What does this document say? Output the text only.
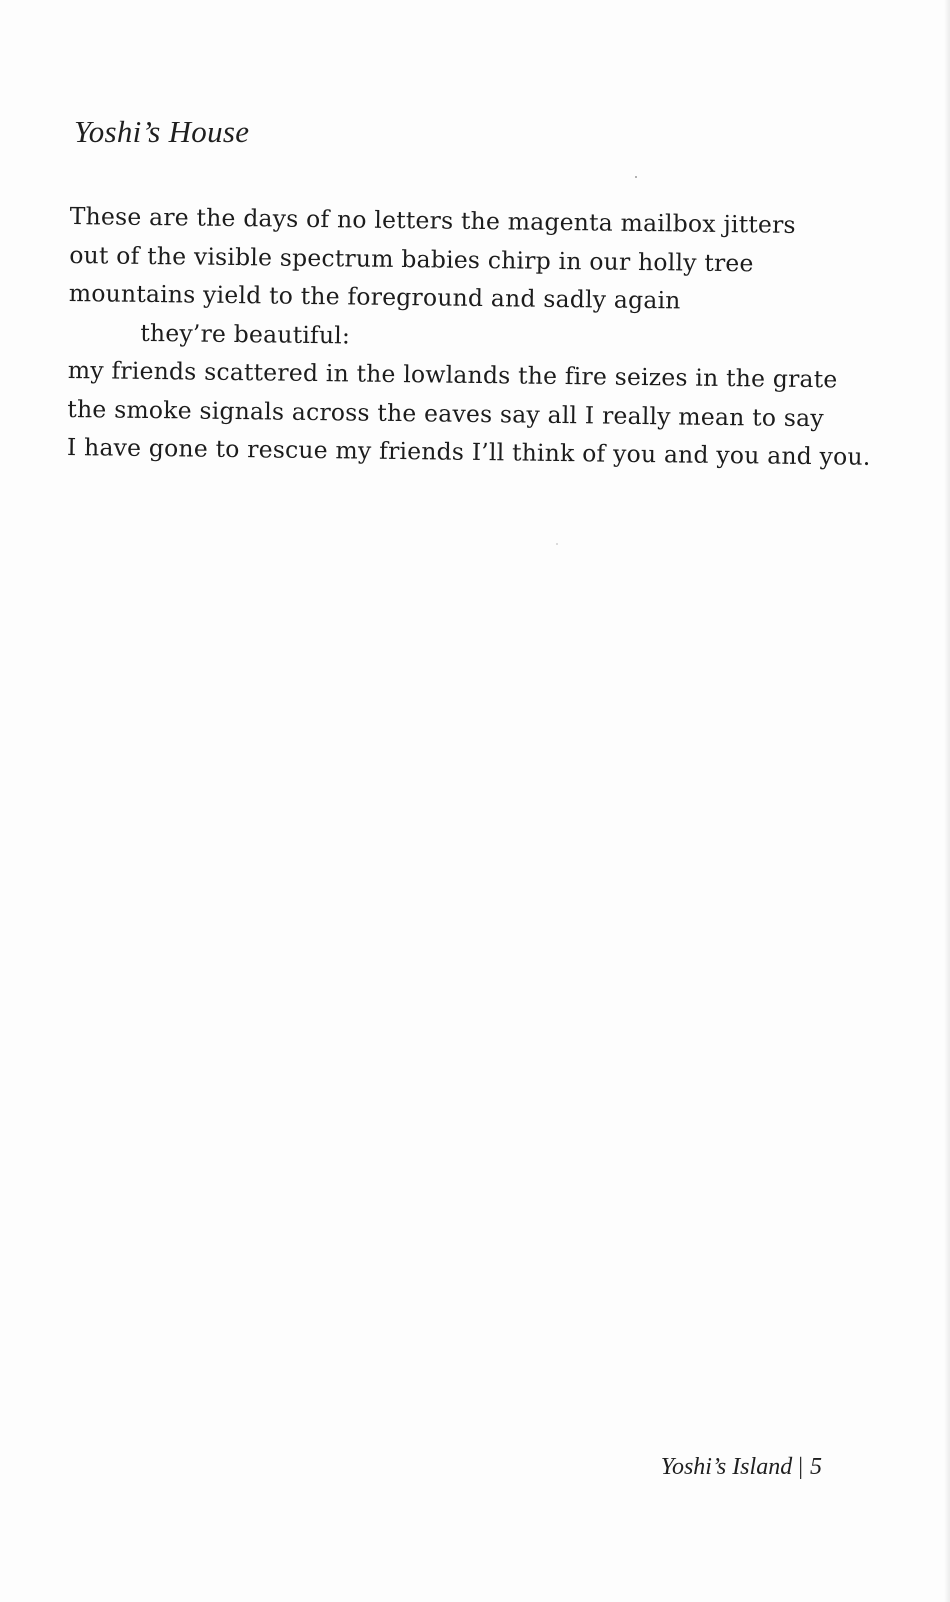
Yoshi’s House
These are the days of no letters the magenta mailbox jitters
out of the visible spectrum babies chirp in our holly tree
mountains yield to the foreground and sadly again
they’re beautiful:
my friends scattered in the lowlands the fire seizes in the grate
the smoke signals across the eaves say all I really mean to say
I have gone to rescue my friends I’ll think of you and you and you.
Yoshi’s Island | 5
